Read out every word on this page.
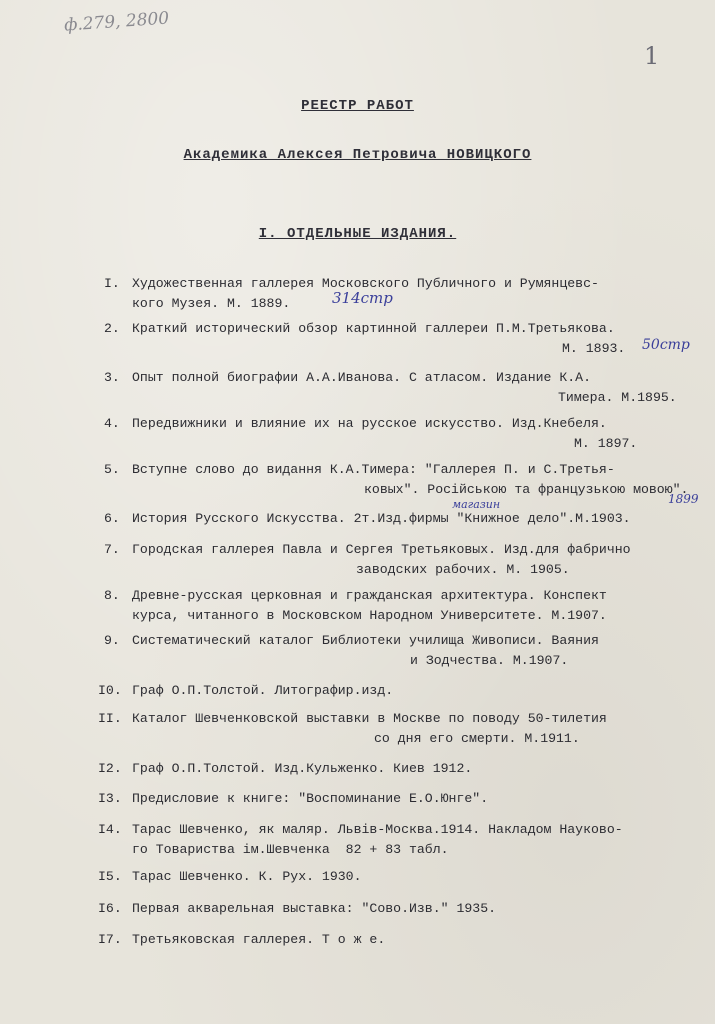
ф.279, 2800
1
РЕЕСТР РАБОТ
Академика Алексея Петровича НОВИЦКОГО
I. ОТДЕЛЬНЫЕ ИЗДАНИЯ.

I.

Художественная галлерея Московского Публичного и Румянцевс-

кого Музея. М. 1889.

	314стр

2.

Краткий исторический обзор картинной галлереи П.М.Третьякова.

М. 1893.

50стр

3.

Опыт полной биографии А.А.Иванова. С атласом. Издание К.А.

Тимера. М.1895.

4.

Передвижники и влияние их на русское искусство. Изд.Кнебеля.

М. 1897.

5.

Вступне слово до видання К.А.Тимера: "Галлерея П. и С.Третья-

ковых". Російською та французькою мовою".

6.

История Русского Искусства. 2т.Изд.фирмы "Книжное дело".М.1903.

магазин

	1899

7.

Городская галлерея Павла и Сергея Третьяковых. Изд.для фабрично

заводских рабочих. М. 1905.

8.

Древне-русская церковная и гражданская архитектура. Конспект

курса, читанного в Московском Народном Университете. М.1907.

9.

Систематический каталог Библиотеки училища Живописи. Ваяния

и Зодчества. М.1907.

I0.

Граф О.П.Толстой. Литографир.изд.

II.

Каталог Шевченковской выставки в Москве по поводу 50-тилетия

со дня его смерти. М.1911.

I2.

Граф О.П.Толстой. Изд.Кульженко. Киев 1912.

I3.

Предисловие к книге: "Воспоминание Е.О.Юнге".

I4.

Тарас Шевченко, як маляр. Львів-Москва.1914. Накладом Науково-

го Товариства ім.Шевченка  82 + 83 табл.

I5.

Тарас Шевченко. К. Рух. 1930.

I6.

Первая акварельная выставка: "Сово.Изв." 1935.

I7.

Третьяковская галлерея. Т о ж е.
